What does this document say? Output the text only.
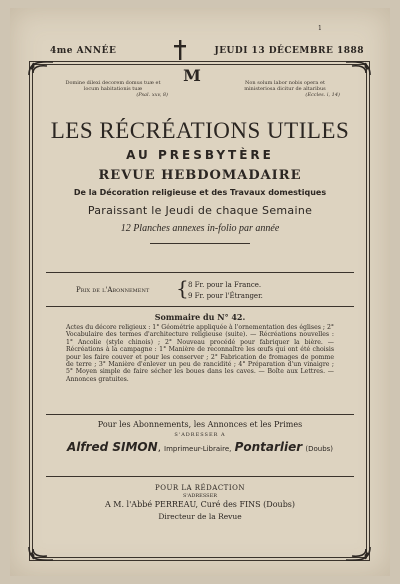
1
4me ANNÉE	JEUDI 13 DÉCEMBRE 1888
M
Domine dilexi decorem domus tuæ et locum habitationis tuæ
(Psal. xxv, 8)
Non solum labor nobis opera et ministeriosa dicitur de altaribus
(Eccles. i, 14)
LES RÉCRÉATIONS UTILES
AU PRESBYTÈRE
REVUE HEBDOMADAIRE
De la Décoration religieuse et des Travaux domestiques
Paraissant le Jeudi de chaque Semaine
12 Planches annexes in-folio par année
Prix de l'Abonnement { 8 Fr. pour la France.
9 Fr. pour l'Étranger.
Sommaire du N° 42.
Actes du décore religieux : 1° Géométrie appliquée à l'ornementation des églises ; 2° Vocabulaire des termes d'architecture religieuse (suite). — Récréations nouvelles : 1° Ancolie (style chinois) ; 2° Nouveau procédé pour fabriquer la bière. — Récréations à la campagne : 1° Manière de reconnaître les œufs qui ont été choisis pour les faire couver et pour les conserver ; 2° Fabrication de fromages de pomme de terre ; 3° Manière d'enlever un peu de rancidité ; 4° Préparation d'un vinaigre ; 5° Moyen simple de faire sécher les boues dans les caves. — Boîte aux Lettres. — Annonces gratuites.
Pour les Abonnements, les Annonces et les Primes
S'ADRESSER A
Alfred SIMON, Imprimeur-Libraire, Pontarlier (Doubs)
POUR LA RÉDACTION
S'ADRESSER
A M. l'Abbé PERREAU, Curé des FINS (Doubs)
Directeur de la Revue
